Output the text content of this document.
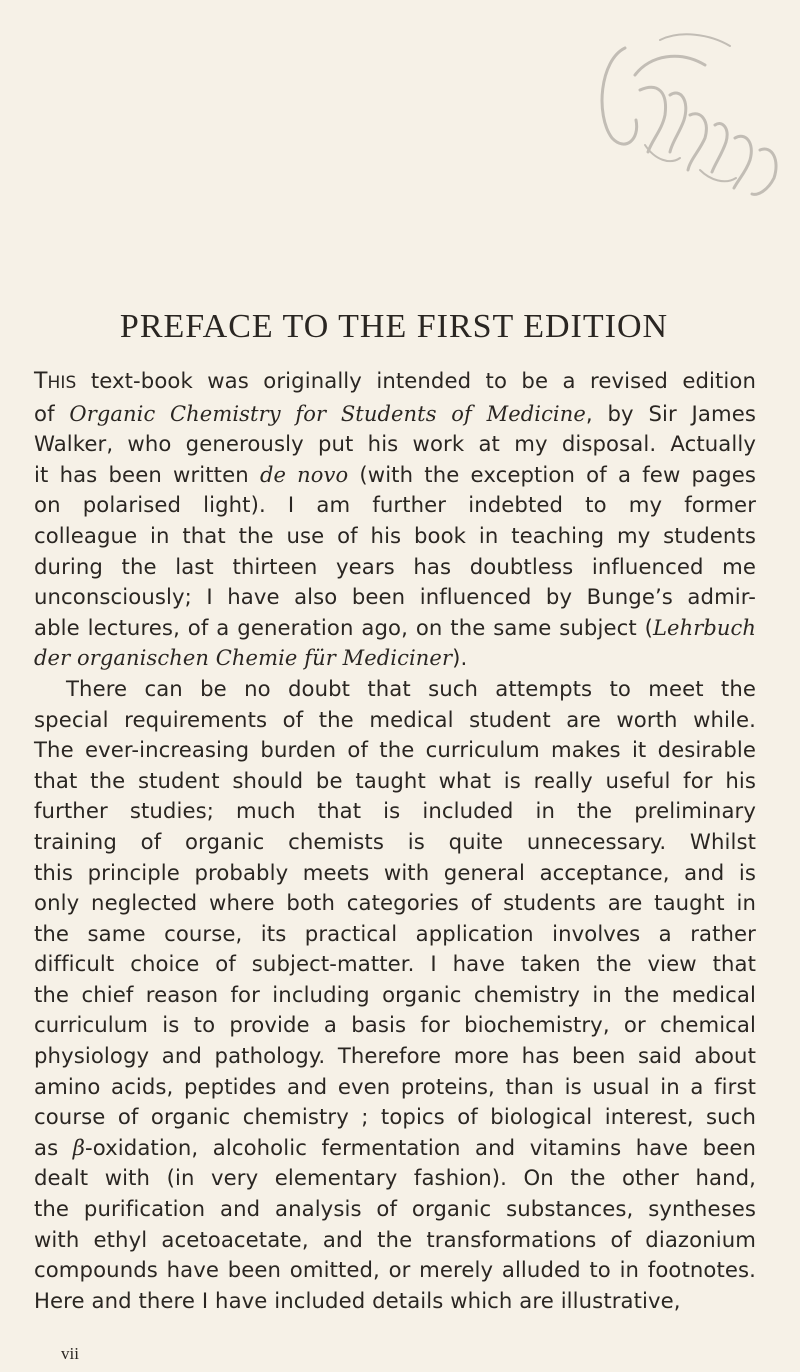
PREFACE TO THE FIRST EDITION
THIS text-book was originally intended to be a revised edition
of Organic Chemistry for Students of Medicine, by Sir James
Walker, who generously put his work at my disposal. Actually
it has been written de novo (with the exception of a few pages
on polarised light). I am further indebted to my former
colleague in that the use of his book in teaching my students
during the last thirteen years has doubtless influenced me
unconsciously; I have also been influenced by Bunge’s admir-
able lectures, of a generation ago, on the same subject (Lehrbuch
der organischen Chemie für Mediciner).
There can be no doubt that such attempts to meet the
special requirements of the medical student are worth while.
The ever-increasing burden of the curriculum makes it desirable
that the student should be taught what is really useful for his
further studies; much that is included in the preliminary
training of organic chemists is quite unnecessary. Whilst
this principle probably meets with general acceptance, and is
only neglected where both categories of students are taught in
the same course, its practical application involves a rather
difficult choice of subject-matter. I have taken the view that
the chief reason for including organic chemistry in the medical
curriculum is to provide a basis for biochemistry, or chemical
physiology and pathology. Therefore more has been said about
amino acids, peptides and even proteins, than is usual in a first
course of organic chemistry ; topics of biological interest, such
as β-oxidation, alcoholic fermentation and vitamins have been
dealt with (in very elementary fashion). On the other hand,
the purification and analysis of organic substances, syntheses
with ethyl acetoacetate, and the transformations of diazonium
compounds have been omitted, or merely alluded to in footnotes.
Here and there I have included details which are illustrative,
vii
